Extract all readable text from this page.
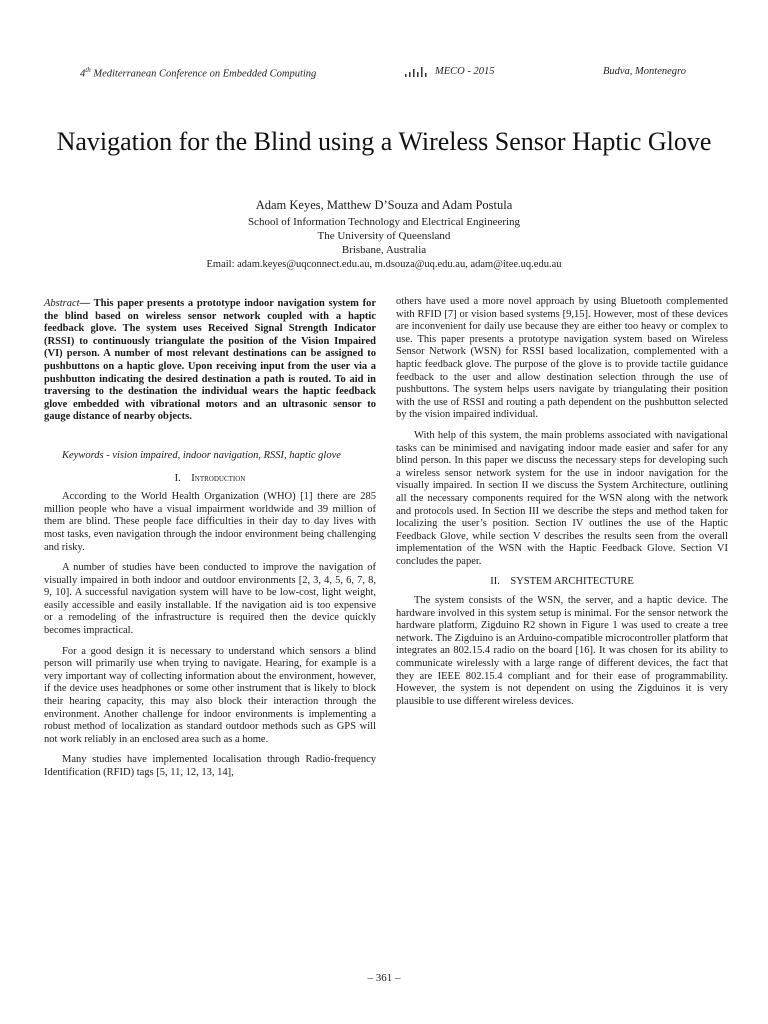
4th Mediterranean Conference on Embedded Computing	MECO - 2015	Budva, Montenegro
Navigation for the Blind using a Wireless Sensor Haptic Glove
Adam Keyes, Matthew D’Souza and Adam Postula
School of Information Technology and Electrical Engineering
The University of Queensland
Brisbane, Australia
Email: adam.keyes@uqconnect.edu.au, m.dsouza@uq.edu.au, adam@itee.uq.edu.au

Abstract— This paper presents a prototype indoor navigation system for the blind based on wireless sensor network coupled with a haptic feedback glove. The system uses Received Signal Strength Indicator (RSSI) to continuously triangulate the position of the Vision Impaired (VI) person. A number of most relevant destinations can be assigned to pushbuttons on a haptic glove. Upon receiving input from the user via a pushbutton indicating the desired destination a path is routed. To aid in traversing to the destination the individual wears the haptic feedback glove embedded with vibrational motors and an ultrasonic sensor to gauge distance of nearby objects.

Keywords - vision impaired, indoor navigation, RSSI, haptic glove

I. Introduction

According to the World Health Organization (WHO) [1] there are 285 million people who have a visual impairment worldwide and 39 million of them are blind. These people face difficulties in their day to day lives with most tasks, even navigation through the indoor environment being challenging and risky.

A number of studies have been conducted to improve the navigation of visually impaired in both indoor and outdoor environments [2, 3, 4, 5, 6, 7, 8, 9, 10]. A successful navigation system will have to be low-cost, light weight, easily accessible and easily installable. If the navigation aid is too expensive or a remodeling of the infrastructure is required then the device quickly becomes impractical.

For a good design it is necessary to understand which sensors a blind person will primarily use when trying to navigate. Hearing, for example is a very important way of collecting information about the environment, however, if the device uses headphones or some other instrument that is likely to block their hearing capacity, this may also block their interaction through the environment. Another challenge for indoor environments is implementing a robust method of localization as standard outdoor methods such as GPS will not work reliably in an enclosed area such as a home.

Many studies have implemented localisation through Radio-frequency Identification (RFID) tags [5, 11, 12, 13, 14],

others have used a more novel approach by using Bluetooth complemented with RFID [7] or vision based systems [9,15]. However, most of these devices are inconvenient for daily use because they are either too heavy or complex to use. This paper presents a prototype navigation system based on Wireless Sensor Network (WSN) for RSSI based localization, complemented with a haptic feedback glove. The purpose of the glove is to provide tactile guidance feedback to the user and allow destination selection through the use of pushbuttons. The system helps users navigate by triangulating their position with the use of RSSI and routing a path dependent on the pushbutton selected by the vision impaired individual.

With help of this system, the main problems associated with navigational tasks can be minimised and navigating indoor made easier and safer for any blind person. In this paper we discuss the necessary steps for developing such a wireless sensor network system for the use in indoor navigation for the visually impaired. In section II we discuss the System Architecture, outlining all the necessary components required for the WSN along with the network and protocols used. In Section III we describe the steps and method taken for localizing the user’s position. Section IV outlines the use of the Haptic Feedback Glove, while section V describes the results seen from the overall implementation of the WSN with the Haptic Feedback Glove. Section VI concludes the paper.

II. SYSTEM ARCHITECTURE

The system consists of the WSN, the server, and a haptic device. The hardware involved in this system setup is minimal. For the sensor network the hardware platform, Zigduino R2 shown in Figure 1 was used to create a tree network. The Zigduino is an Arduino-compatible microcontroller platform that integrates an 802.15.4 radio on the board [16]. It was chosen for its ability to communicate wirelessly with a large range of different devices, the fact that they are IEEE 802.15.4 compliant and for their ease of programmability. However, the system is not dependent on using the Zigduinos it is very plausible to use different wireless devices.

– 361 –
